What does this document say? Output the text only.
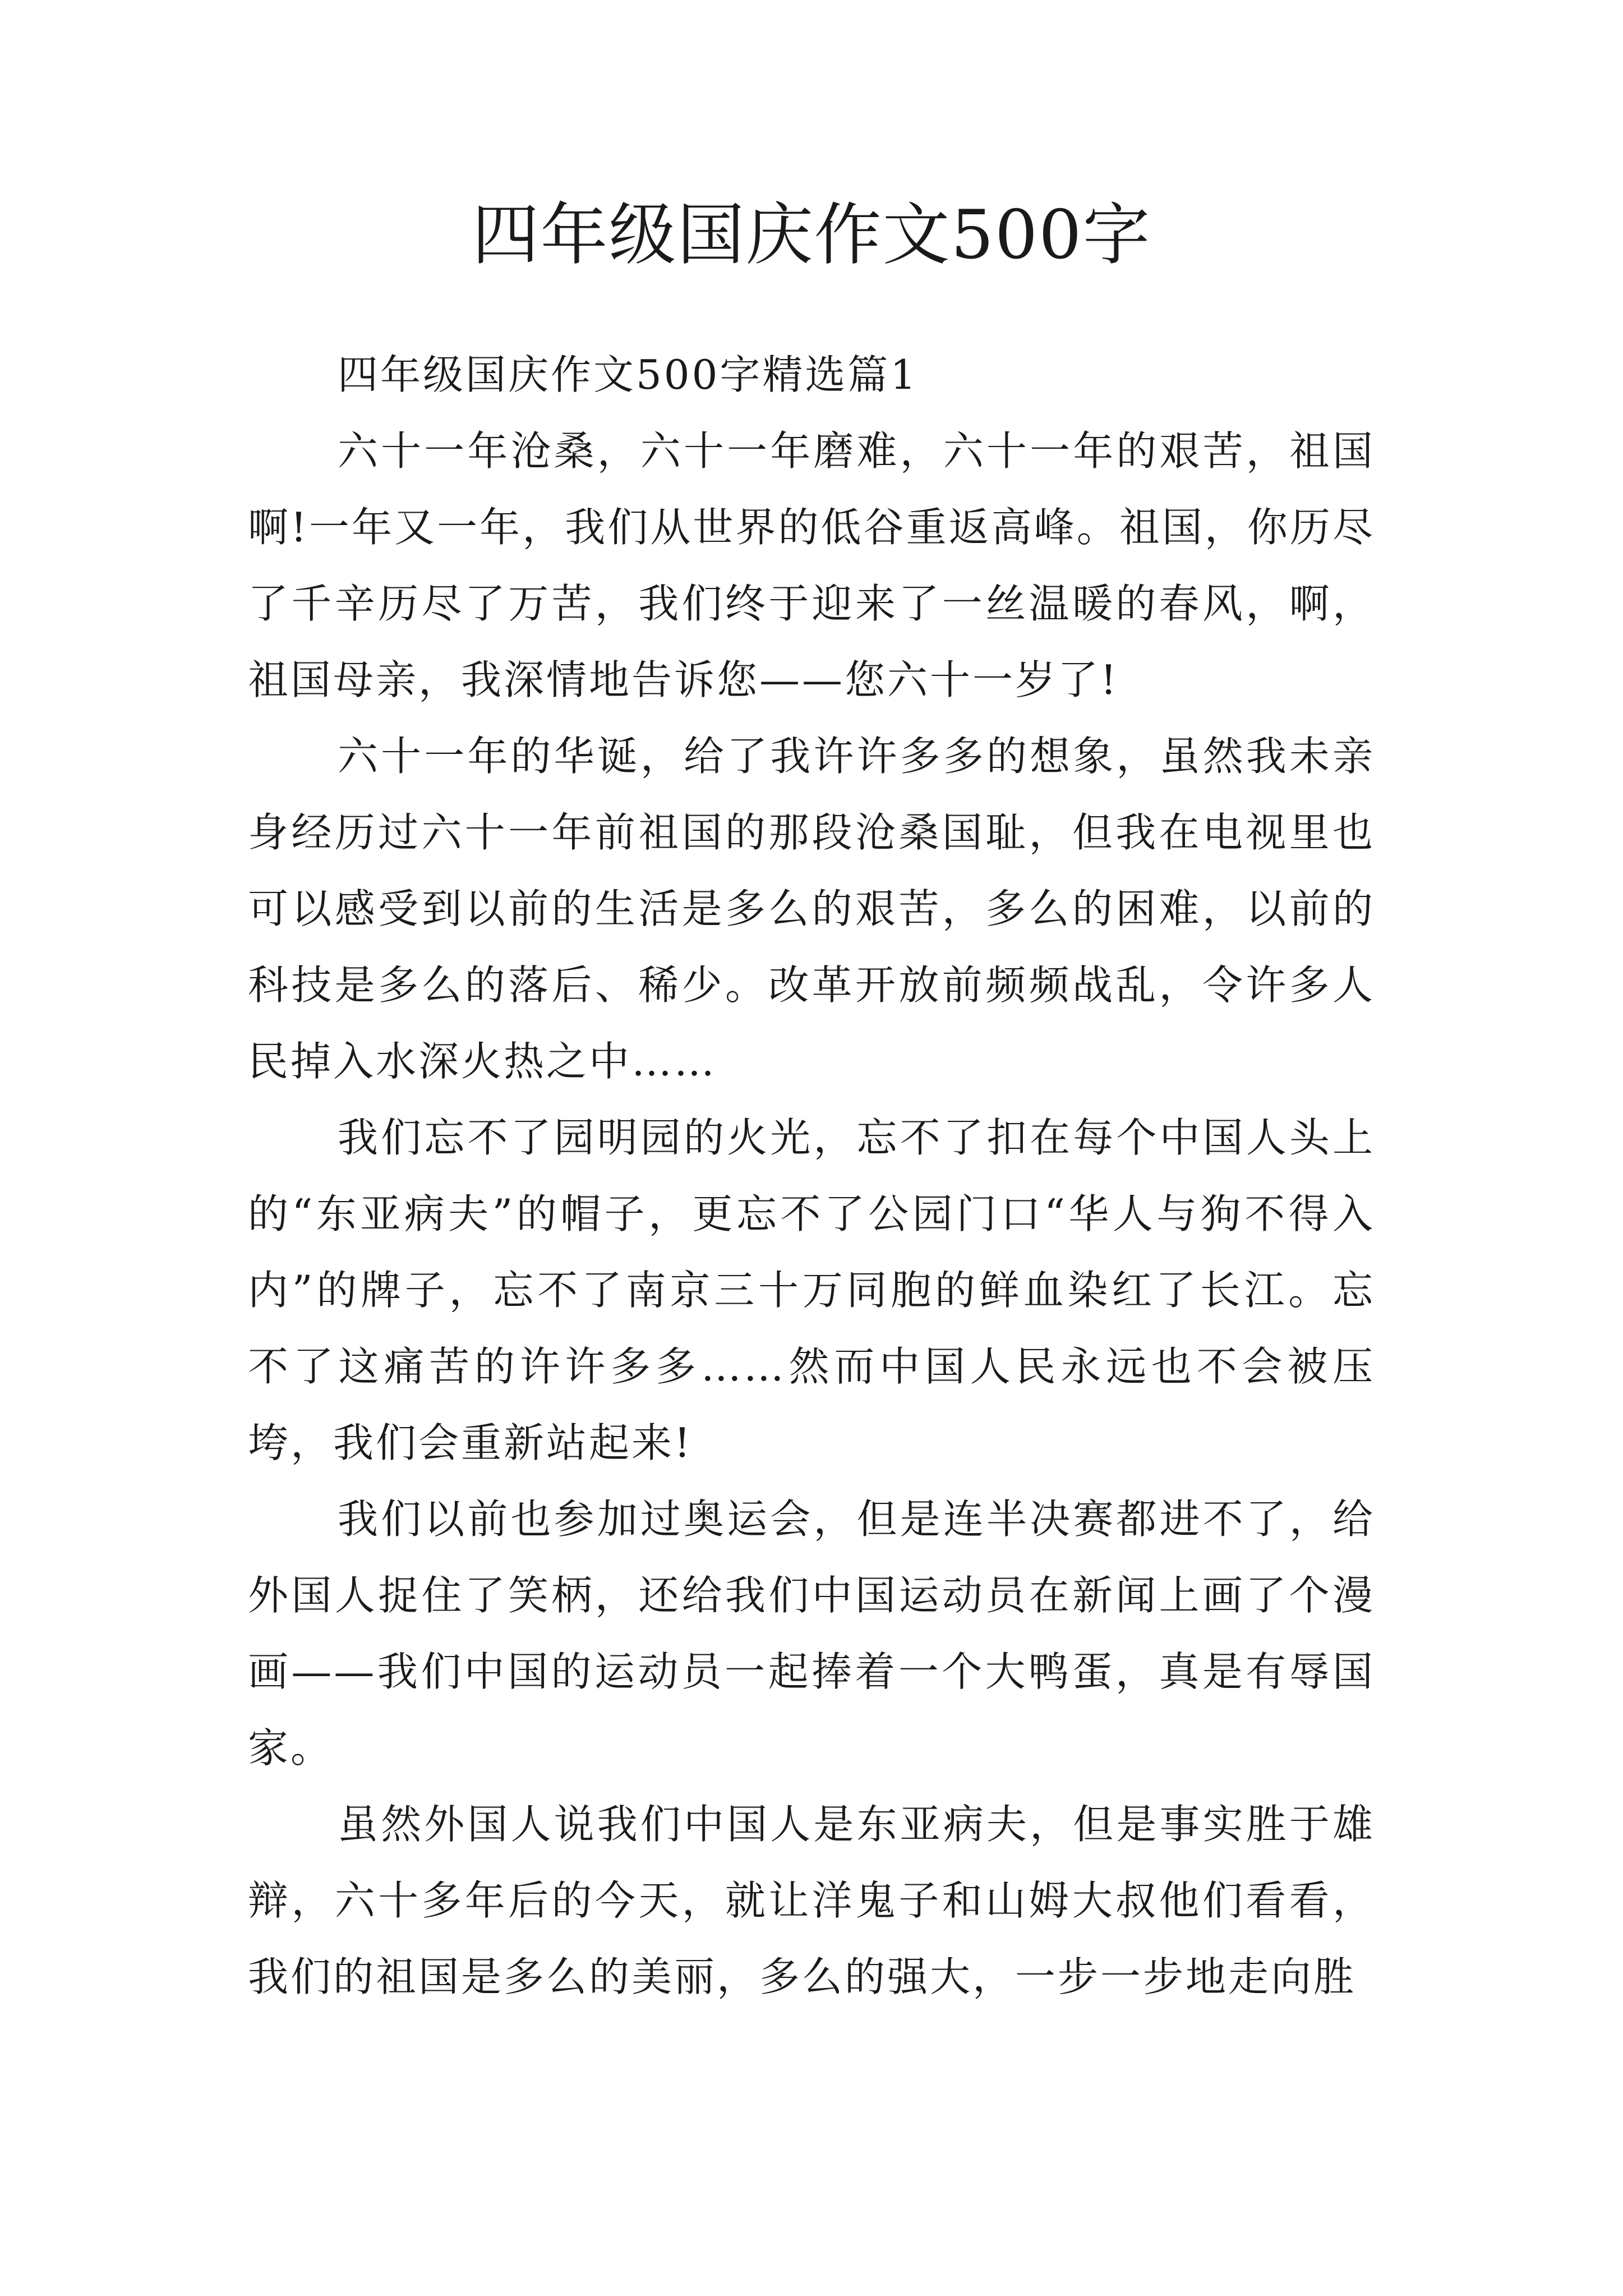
四年级国庆作文500字

四年级国庆作文500字精选篇1

六十一年沧桑，六十一年磨难，六十一年的艰苦，祖国啊!一年又一年，我们从世界的低谷重返高峰。祖国，你历尽了千辛历尽了万苦，我们终于迎来了一丝温暖的春风，啊，祖国母亲，我深情地告诉您——您六十一岁了!

六十一年的华诞，给了我许许多多的想象，虽然我未亲身经历过六十一年前祖国的那段沧桑国耻，但我在电视里也可以感受到以前的生活是多么的艰苦，多么的困难，以前的科技是多么的落后、稀少。改革开放前频频战乱，令许多人民掉入水深火热之中……

我们忘不了园明园的火光，忘不了扣在每个中国人头上的“东亚病夫”的帽子，更忘不了公园门口“华人与狗不得入内”的牌子，忘不了南京三十万同胞的鲜血染红了长江。忘不了这痛苦的许许多多……然而中国人民永远也不会被压垮，我们会重新站起来!

我们以前也参加过奥运会，但是连半决赛都进不了，给外国人捉住了笑柄，还给我们中国运动员在新闻上画了个漫画——我们中国的运动员一起捧着一个大鸭蛋，真是有辱国家。

虽然外国人说我们中国人是东亚病夫，但是事实胜于雄辩，六十多年后的今天，就让洋鬼子和山姆大叔他们看看，我们的祖国是多么的美丽，多么的强大，一步一步地走向胜
